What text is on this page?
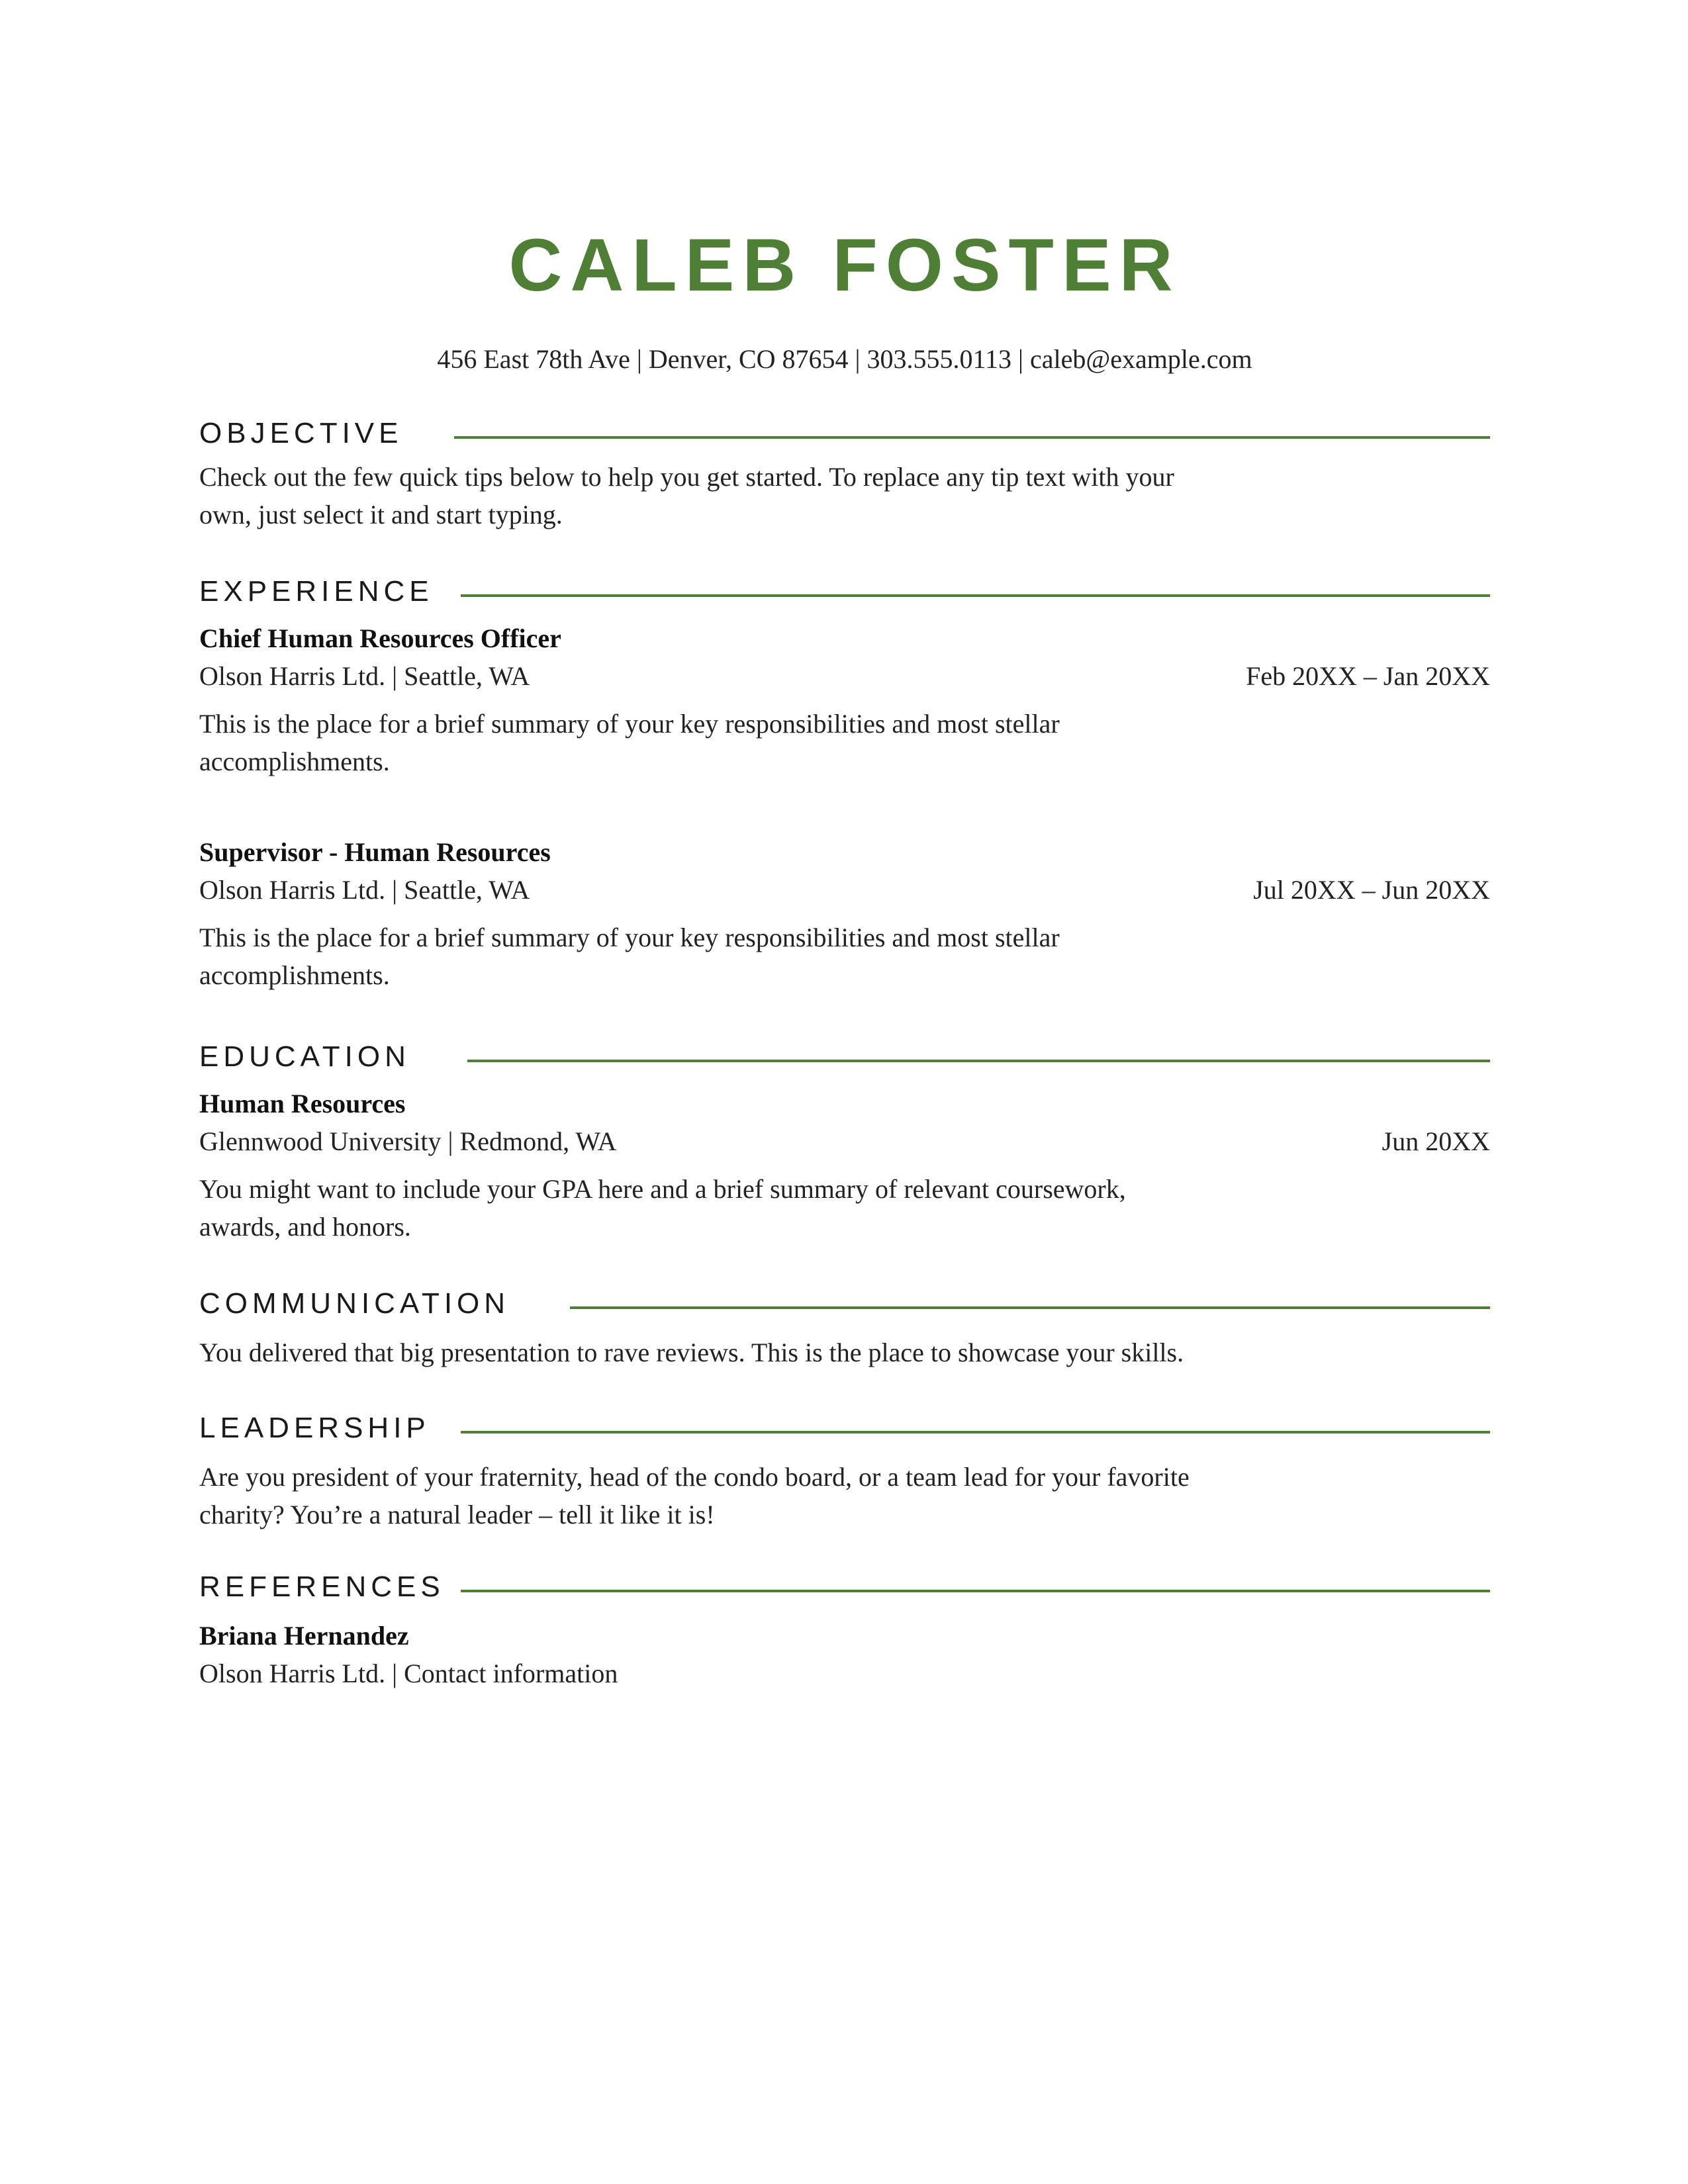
CALEB FOSTER
456 East 78th Ave | Denver, CO 87654 | 303.555.0113 | caleb@example.com
OBJECTIVE

Check out the few quick tips below to help you get started. To replace any tip text with your own, just select it and start typing.

EXPERIENCE

Chief Human Resources Officer

Olson Harris Ltd. | Seattle, WA	Feb 20XX – Jan 20XX

This is the place for a brief summary of your key responsibilities and most stellar accomplishments.

Supervisor - Human Resources

Olson Harris Ltd. | Seattle, WA	Jul 20XX – Jun 20XX

This is the place for a brief summary of your key responsibilities and most stellar accomplishments.

EDUCATION

Human Resources

Glennwood University | Redmond, WA	Jun 20XX

You might want to include your GPA here and a brief summary of relevant coursework, awards, and honors.

COMMUNICATION

You delivered that big presentation to rave reviews. This is the place to showcase your skills.

LEADERSHIP

Are you president of your fraternity, head of the condo board, or a team lead for your favorite charity? You’re a natural leader – tell it like it is!

REFERENCES

Briana Hernandez

Olson Harris Ltd. | Contact information
